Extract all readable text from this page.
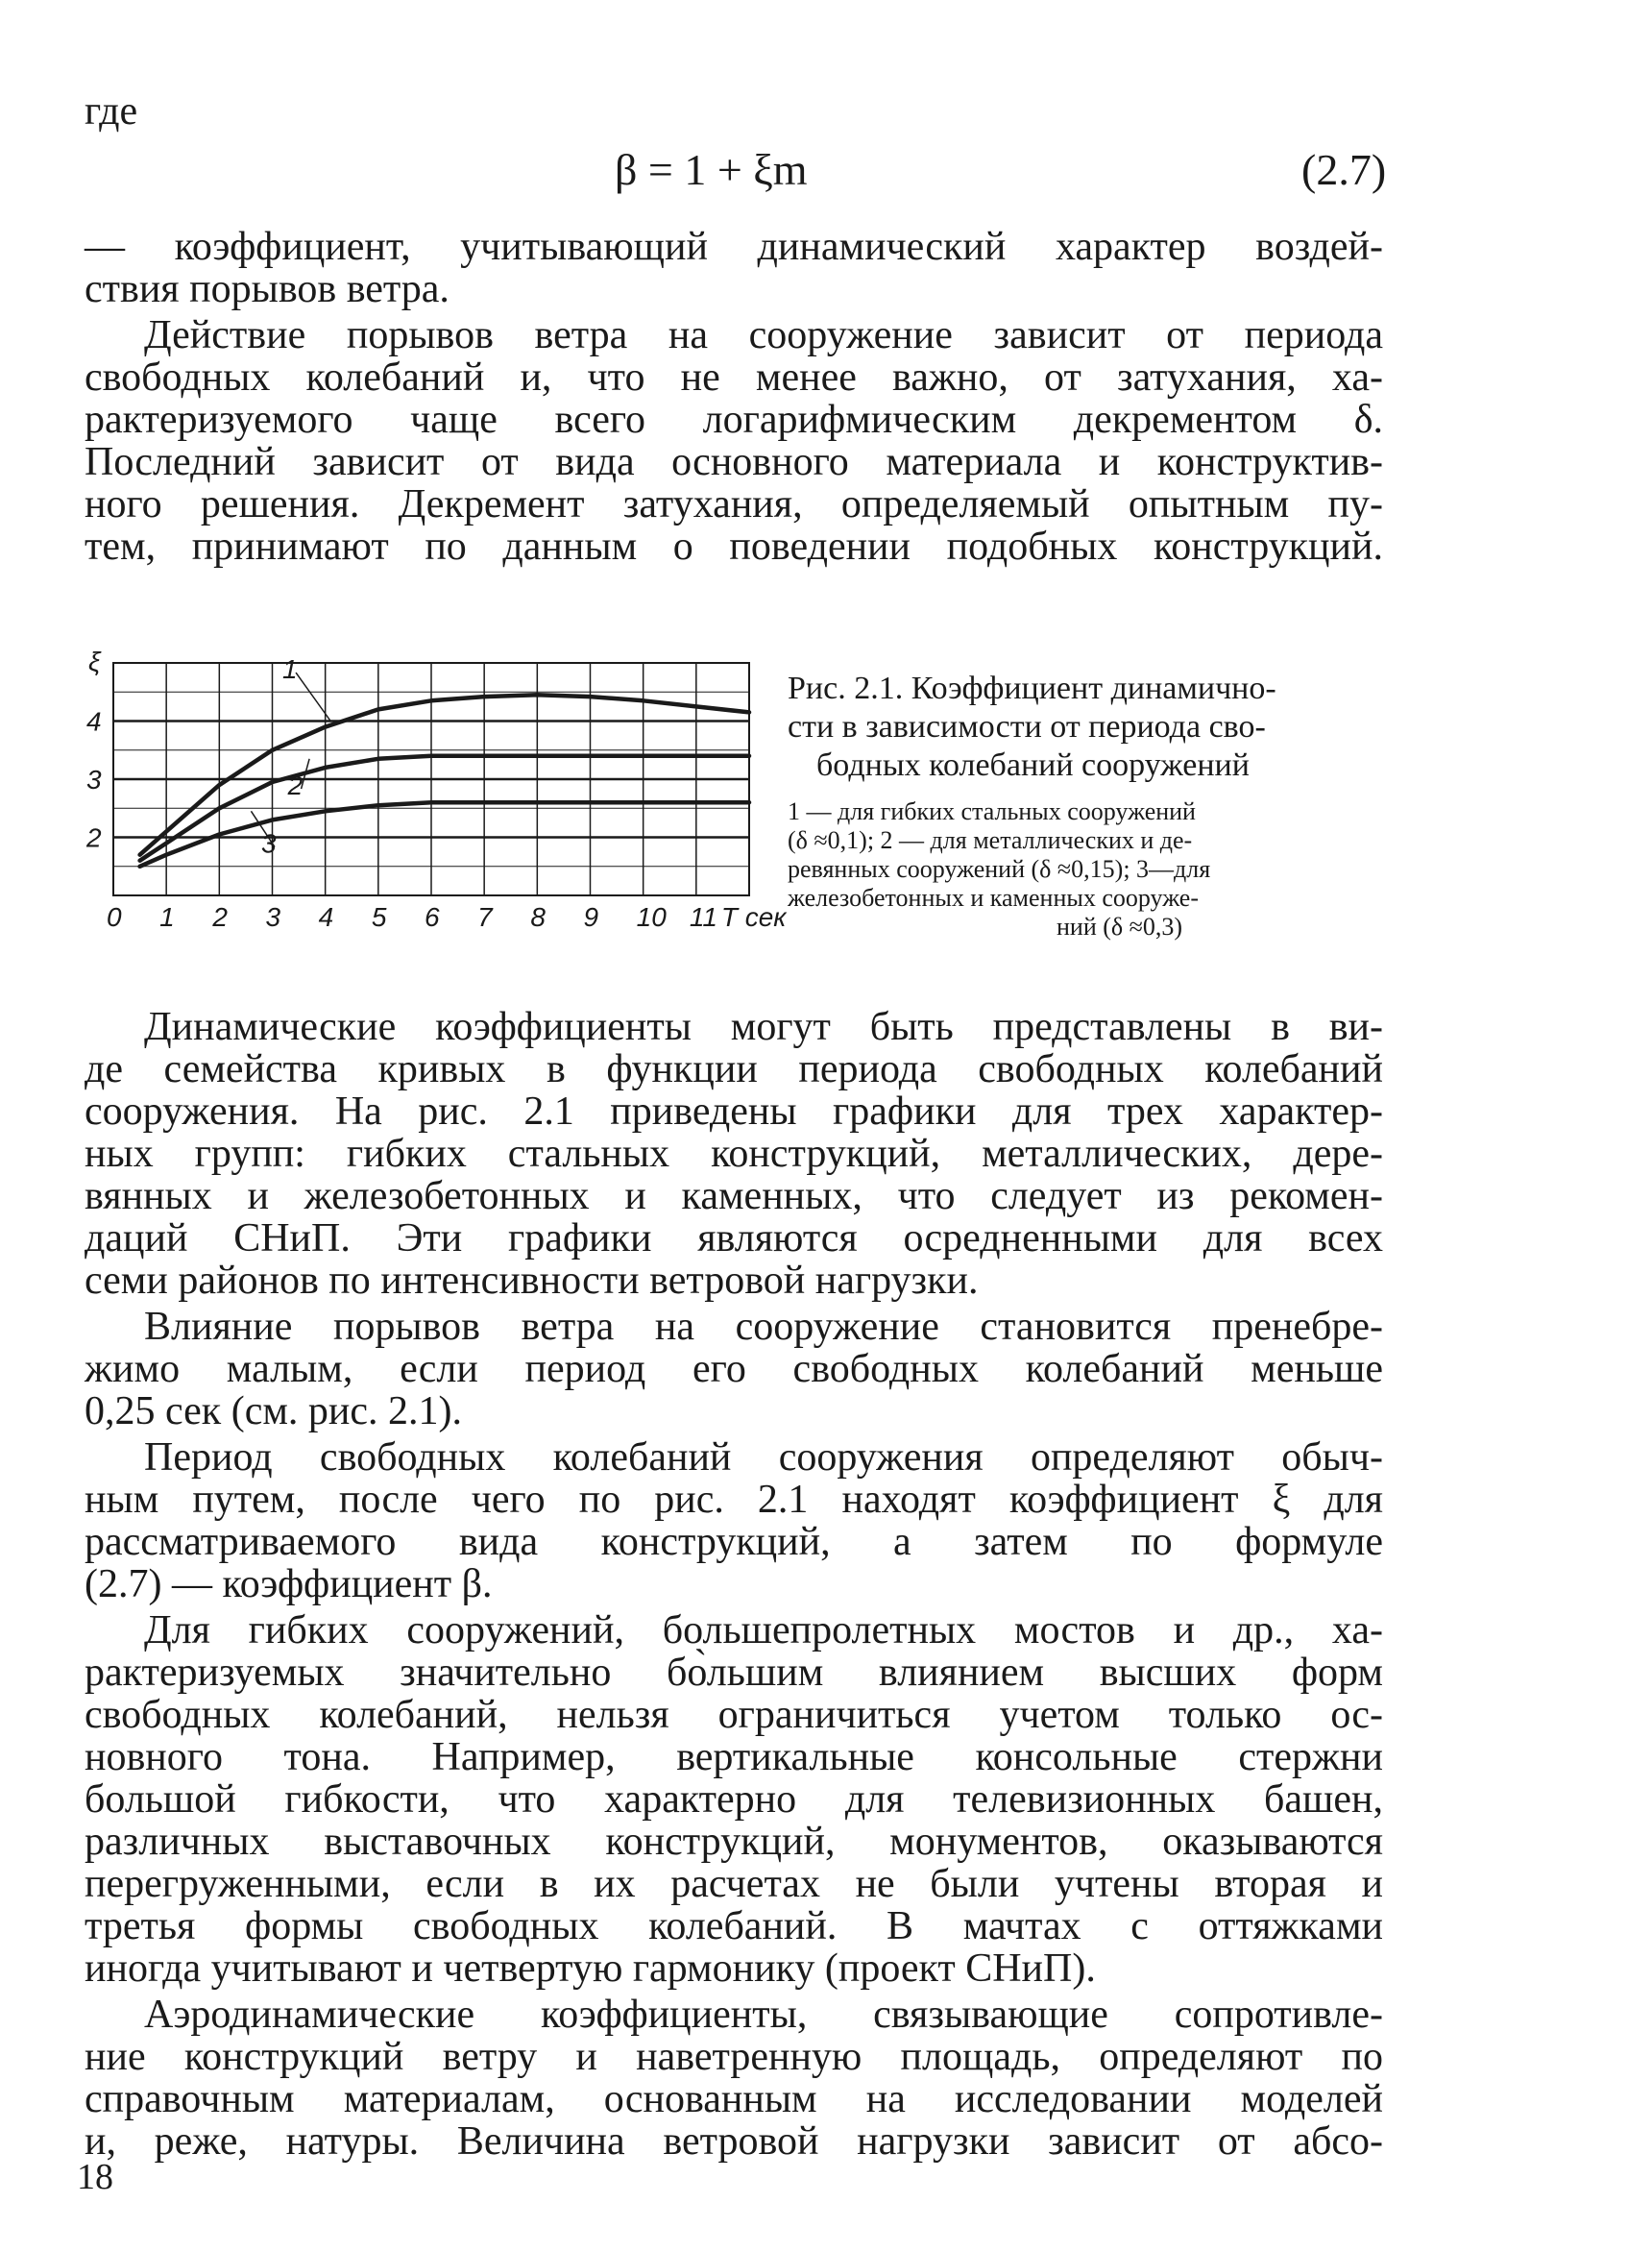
где
β = 1 + ξm	(2.7)
— коэффициент, учитывающий динамический характер воздей-
ствия порывов ветра.
Действие порывов ветра на сооружение зависит от периода
свободных колебаний и, что не менее важно, от затухания, ха-
рактеризуемого чаще всего логарифмическим декрементом δ.
Последний зависит от вида основного материала и конструктив-
ного решения. Декремент затухания, определяемый опытным пу-
тем, принимают по данным о поведении подобных конструкций.
1
2
3
0 1 2 3 4 5 6 7 8 9 10 11 Т сек
2
3
4
ξ
Рис. 2.1. Коэффициент динамично-
сти в зависимости от периода сво-
бодных колебаний сооружений
1 — для гибких стальных сооружений
(δ ≈0,1); 2 — для металлических и де-
ревянных сооружений (δ ≈0,15); 3—для
железобетонных и каменных сооруже-
ний (δ ≈0,3)
Динамические коэффициенты могут быть представлены в ви-
де семейства кривых в функции периода свободных колебаний
сооружения. На рис. 2.1 приведены графики для трех характер-
ных групп: гибких стальных конструкций, металлических, дере-
вянных и железобетонных и каменных, что следует из рекомен-
даций СНиП. Эти графики являются осредненными для всех
семи районов по интенсивности ветровой нагрузки.
Влияние порывов ветра на сооружение становится пренебре-
жимо малым, если период его свободных колебаний меньше
0,25 сек (см. рис. 2.1).
Период свободных колебаний сооружения определяют обыч-
ным путем, после чего по рис. 2.1 находят коэффициент ξ для
рассматриваемого вида конструкций, а затем по формуле
(2.7) — коэффициент β.
Для гибких сооружений, большепролетных мостов и др., ха-
рактеризуемых значительно бо̀льшим влиянием высших форм
свободных колебаний, нельзя ограничиться учетом только ос-
новного тона. Например, вертикальные консольные стержни
большой гибкости, что характерно для телевизионных башен,
различных выставочных конструкций, монументов, оказываются
перегруженными, если в их расчетах не были учтены вторая и
третья формы свободных колебаний. В мачтах с оттяжками
иногда учитывают и четвертую гармонику (проект СНиП).
Аэродинамические коэффициенты, связывающие сопротивле-
ние конструкций ветру и наветренную площадь, определяют по
справочным материалам, основанным на исследовании моделей
и, реже, натуры. Величина ветровой нагрузки зависит от абсо-
18
